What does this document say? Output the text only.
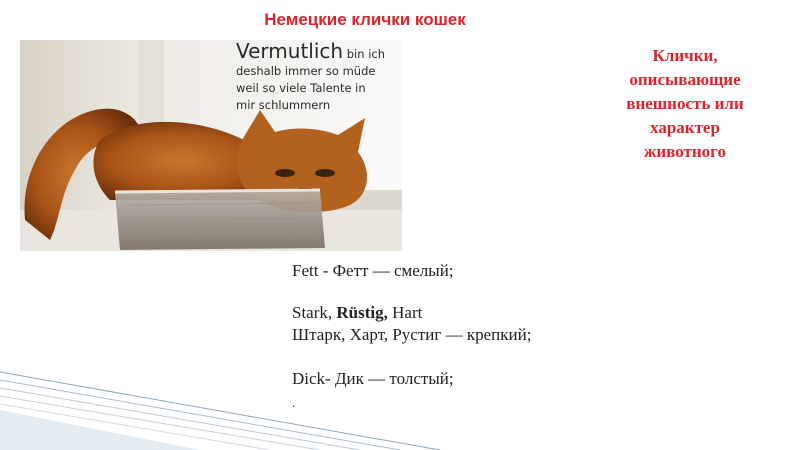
Немецкие клички кошек
Vermutlich bin ich
deshalb immer so müde
weil so viele Talente in
mir schlummern
Клички,
описывающие
внешность или
характер
животного

Fett - Фетт — смелый;

Stark, Rüstig, Hart

Штарк, Харт, Рустиг — крепкий;

Dick- Дик — толстый;

.
